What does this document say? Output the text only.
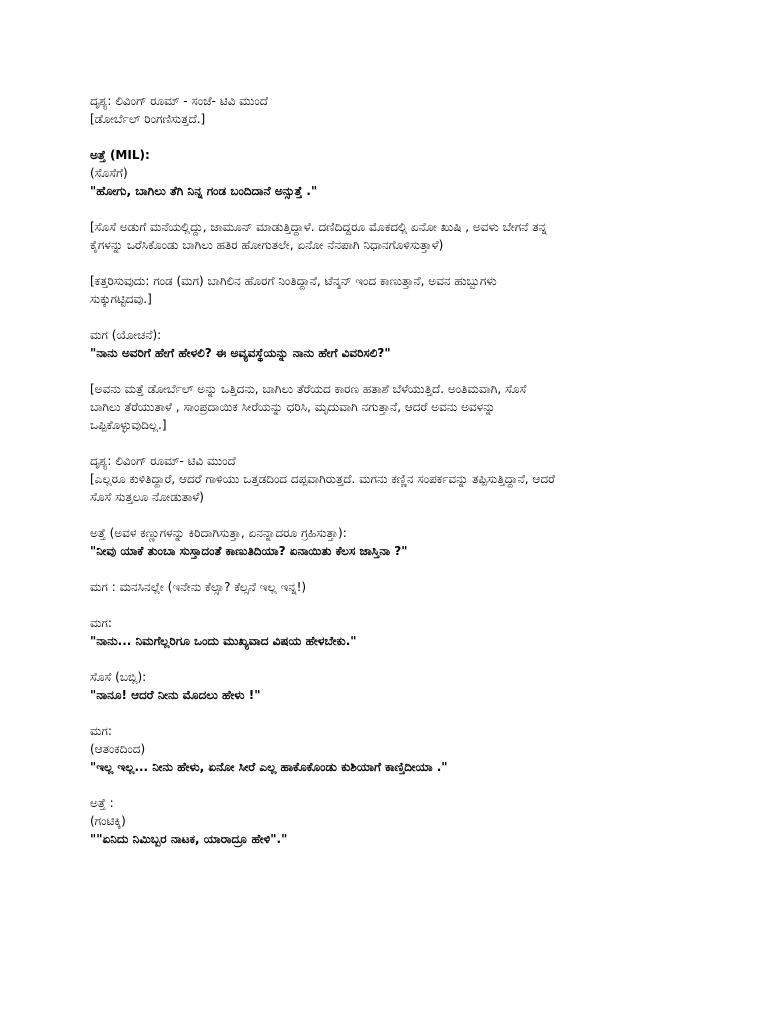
ದೃಶ್ಯ: ಲಿವಿಂಗ್ ರೂಮ್ - ಸಂಜೆ- ಟಿವಿ ಮುಂದೆ
[ಡೋರ್ಬೆಲ್ ರಿಂಗಣಿಸುತ್ತದೆ.]
ಅತ್ತೆ (MIL):
(ಸೊಸೆಗೆ)
"ಹೋಗು, ಬಾಗಿಲು ತೆಗಿ ನಿನ್ನ ಗಂಡ ಬಂದಿದಾನೆ ಅನ್ಸುತ್ತೆ ."
[ಸೊಸೆ ಅಡುಗೆ ಮನೆಯಲ್ಲಿದ್ದು, ಜಾಮೂನ್ ಮಾಡುತ್ತಿದ್ದಾಳೆ. ದಣಿದಿದ್ದರೂ ಮೊಕದಲ್ಲಿ ಏನೋ ಖುಷಿ , ಅವಳು ಬೇಗನೆ ತನ್ನ
ಕೈಗಳನ್ನು ಒರೆಸಿಕೊಂಡು ಬಾಗಿಲು ಹತಿರ ಹೋಗುತಲೇ, ಏನೋ ನೆನಪಾಗಿ ನಿಧಾನಗೊಳಿಸುತ್ತಾಳೆ)
[ಕತ್ತರಿಸುವುದು: ಗಂಡ (ಮಗ) ಬಾಗಿಲಿನ ಹೊರಗೆ ನಿಂತಿದ್ದಾನೆ, ಟೆನ್ಶನ್ ಇಂದ ಕಾಣುತ್ತಾನೆ, ಅವನ ಹುಬ್ಬುಗಳು
ಸುಕ್ಕುಗಟ್ಟಿದವು.]
ಮಗ (ಯೋಚನೆ):
"ನಾನು ಅವರಿಗೆ ಹೇಗೆ ಹೇಳಲಿ? ಈ ಅವ್ಯವಸ್ಥೆಯನ್ನು ನಾನು ಹೇಗೆ ವಿವರಿಸಲಿ?"
[ಅವನು ಮತ್ತೆ ಡೋರ್ಬೆಲ್ ಅನ್ನು ಒತ್ತಿದನು, ಬಾಗಿಲು ತೆರೆಯದ ಕಾರಣ ಹತಾಶೆ ಬೆಳೆಯುತ್ತಿದೆ. ಅಂತಿಮವಾಗಿ, ಸೊಸೆ
ಬಾಗಿಲು ತೆರೆಯುತಾಳೆ , ಸಾಂಪ್ರದಾಯಿಕ ಸೀರೆಯನ್ನು ಧರಿಸಿ, ಮೃದುವಾಗಿ ನಗುತ್ತಾನೆ, ಆದರೆ ಅವನು ಅವಳನ್ನು
ಒಪ್ಪಿಕೊಳ್ಳುವುದಿಲ್ಲ.]
ದೃಶ್ಯ: ಲಿವಿಂಗ್ ರೂಮ್- ಟಿವಿ ಮುಂದೆ
[ಎಲ್ಲರೂ ಕುಳಿತಿದ್ದಾರೆ, ಆದರೆ ಗಾಳಿಯು ಒತ್ತಡದಿಂದ ದಪ್ಪವಾಗಿರುತ್ತದೆ. ಮಗನು ಕಣ್ಣಿನ ಸಂಪರ್ಕವನ್ನು ತಪ್ಪಿಸುತ್ತಿದ್ದಾನೆ, ಆದರೆ
ಸೊಸೆ ಸುತ್ತಲೂ ನೋಡುತಾಳೆ)
ಅತ್ತೆ (ಅವಳ ಕಣ್ಣುಗಳನ್ನು ಕಿರಿದಾಗಿಸುತ್ತಾ, ಏನನ್ನಾದರೂ ಗ್ರಹಿಸುತ್ತಾ):
"ನೀವು ಯಾಕೆ ತುಂಬಾ ಸುಸ್ತಾದಂತೆ ಕಾಣುತಿದಿಯಾ? ಏನಾಯಿತು ಕೆಲಸ ಜಾಸ್ತಿನಾ ?"
ಮಗ : ಮನಸಿನಲ್ಲೇ (ಇನೇನು ಕೆಲ್ಸಾ? ಕೆಲ್ಸನೆ ಇಲ್ಲ ಇನ್ನ!)
ಮಗ:
"ನಾನು... ನಿಮಗೆಲ್ಲರಿಗೂ ಒಂದು ಮುಖ್ಯವಾದ ವಿಷಯ ಹೇಳಬೇಕು."
ಸೊಸೆ (ಬಬ್ಲಿ):
"ನಾನೂ! ಆದರೆ ನೀನು ಮೊದಲು ಹೇಳು !"
ಮಗ:
(ಆತಂಕದಿಂದ)
"ಇಲ್ಲ ಇಲ್ಲ... ನೀನು ಹೇಳು, ಏನೋ ಸೀರೆ ಎಲ್ಲ ಹಾಕೊಕೊಂಡು ಕುಶಿಯಾಗೆ ಕಾಣ್ತಿದೀಯಾ ."
ಅತ್ತೆ :
(ಗಂಟಿಕ್ಕಿ)
""ಏನಿದು ನಿಮಿಬ್ಬರ ನಾಟಕ, ಯಾರಾದ್ರೂ ಹೇಳಿ"."
